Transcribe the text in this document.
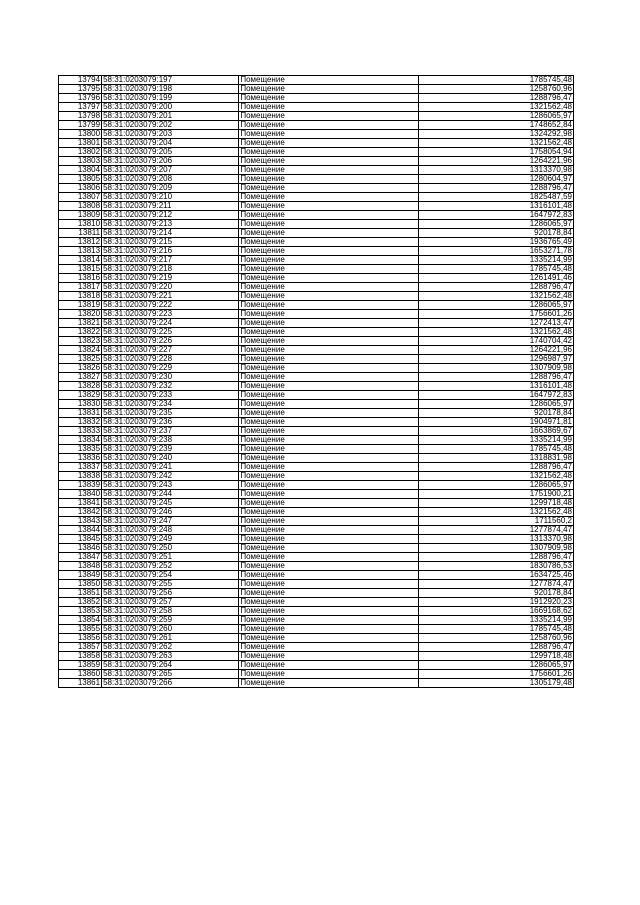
13794	58:31:0203079:197	Помещение	1785745,48
13795	58:31:0203079:198	Помещение	1258760,96
13796	58:31:0203079:199	Помещение	1288796,47
13797	58:31:0203079:200	Помещение	1321562,48
13798	58:31:0203079:201	Помещение	1286065,97
13799	58:31:0203079:202	Помещение	1748652,84
13800	58:31:0203079:203	Помещение	1324292,98
13801	58:31:0203079:204	Помещение	1321562,48
13802	58:31:0203079:205	Помещение	1758054,94
13803	58:31:0203079:206	Помещение	1264221,96
13804	58:31:0203079:207	Помещение	1313370,98
13805	58:31:0203079:208	Помещение	1280604,97
13806	58:31:0203079:209	Помещение	1288796,47
13807	58:31:0203079:210	Помещение	1825487,59
13808	58:31:0203079:211	Помещение	1316101,48
13809	58:31:0203079:212	Помещение	1647972,83
13810	58:31:0203079:213	Помещение	1286065,97
13811	58:31:0203079:214	Помещение	920178,84
13812	58:31:0203079:215	Помещение	1936765,49
13813	58:31:0203079:216	Помещение	1653271,78
13814	58:31:0203079:217	Помещение	1335214,99
13815	58:31:0203079:218	Помещение	1785745,48
13816	58:31:0203079:219	Помещение	1261491,46
13817	58:31:0203079:220	Помещение	1288796,47
13818	58:31:0203079:221	Помещение	1321562,48
13819	58:31:0203079:222	Помещение	1286065,97
13820	58:31:0203079:223	Помещение	1756601,26
13821	58:31:0203079:224	Помещение	1272413,47
13822	58:31:0203079:225	Помещение	1321562,48
13823	58:31:0203079:226	Помещение	1740704,42
13824	58:31:0203079:227	Помещение	1264221,96
13825	58:31:0203079:228	Помещение	1296987,97
13826	58:31:0203079:229	Помещение	1307909,98
13827	58:31:0203079:230	Помещение	1288796,47
13828	58:31:0203079:232	Помещение	1316101,48
13829	58:31:0203079:233	Помещение	1647972,83
13830	58:31:0203079:234	Помещение	1286065,97
13831	58:31:0203079:235	Помещение	920178,84
13832	58:31:0203079:236	Помещение	1904971,81
13833	58:31:0203079:237	Помещение	1663869,67
13834	58:31:0203079:238	Помещение	1335214,99
13835	58:31:0203079:239	Помещение	1785745,48
13836	58:31:0203079:240	Помещение	1318831,98
13837	58:31:0203079:241	Помещение	1288796,47
13838	58:31:0203079:242	Помещение	1321562,48
13839	58:31:0203079:243	Помещение	1286065,97
13840	58:31:0203079:244	Помещение	1751900,21
13841	58:31:0203079:245	Помещение	1299718,48
13842	58:31:0203079:246	Помещение	1321562,48
13843	58:31:0203079:247	Помещение	1711560,2
13844	58:31:0203079:248	Помещение	1277874,47
13845	58:31:0203079:249	Помещение	1313370,98
13846	58:31:0203079:250	Помещение	1307909,98
13847	58:31:0203079:251	Помещение	1288796,47
13848	58:31:0203079:252	Помещение	1830786,53
13849	58:31:0203079:254	Помещение	1634725,46
13850	58:31:0203079:255	Помещение	1277874,47
13851	58:31:0203079:256	Помещение	920178,84
13852	58:31:0203079:257	Помещение	1912920,23
13853	58:31:0203079:258	Помещение	1669168,62
13854	58:31:0203079:259	Помещение	1335214,99
13855	58:31:0203079:260	Помещение	1785745,48
13856	58:31:0203079:261	Помещение	1258760,96
13857	58:31:0203079:262	Помещение	1288796,47
13858	58:31:0203079:263	Помещение	1299718,48
13859	58:31:0203079:264	Помещение	1286065,97
13860	58:31:0203079:265	Помещение	1756601,26
13861	58:31:0203079:266	Помещение	1305179,48
